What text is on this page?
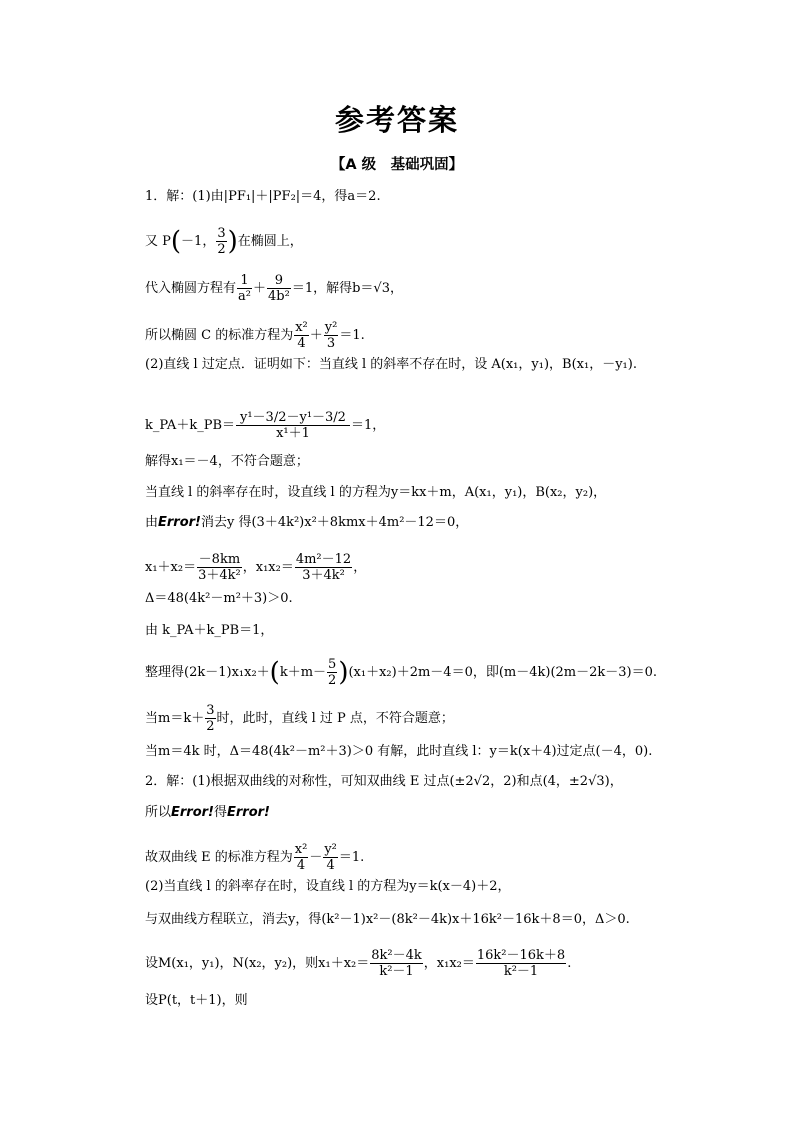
参考答案
【A 级　基础巩固】
1．解：(1)由|PF₁|＋|PF₂|＝4，得a＝2.
又 P(－1， $\frac{3}{2}$ )在椭圆上，
代入椭圆方程有 $\frac{1}{\text{a²}} + \frac{9}{\text{4b²}} =1$，解得b＝√3，
所以椭圆 C 的标准方程为 $\frac{\text{x²}}{4} + \frac{\text{y²}}{3} =1$.
(2)直线 l 过定点．证明如下：当直线 l 的斜率不存在时，设 A(x₁，y₁)，B(x₁，－y₁).
k_PA＋k_PB＝ $\frac{\text{y¹－3/2－y¹－3/2}}{\text{x¹＋1}} =1$，
解得x₁＝－4，不符合题意；
当直线 l 的斜率存在时，设直线 l 的方程为y＝kx＋m，A(x₁，y₁)，B(x₂，y₂)，
由Error!消去y 得(3＋4k²)x²＋8kmx＋4m²－12＝0，
$x_1+x_2= \frac{-8km}{\text{3＋4k²}}$ ，$x_1x_2= \frac{\text{4m²－12}}{\text{3＋4k²}}$ ，
Δ＝48(4k²－m²＋3)＞0.
由 k_PA＋k_PB＝1，
整理得$(2k-1)x_1x_2+(k+m- \frac{5}{2} )(x_1+x_2)+2m-4=0$，即(m－4k)(2m－2k－3)＝0.
当$m=k+ \frac{3}{2}$ 时，此时，直线 l 过 P 点，不符合题意；
当m＝4k 时，Δ＝48(4k²－m²＋3)＞0 有解，此时直线 l：y＝k(x＋4)过定点(－4，0).
2．解：(1)根据双曲线的对称性，可知双曲线 E 过点(±2√2，2)和点(4，±2√3)，
所以Error!得Error!
故双曲线 E 的标准方程为 $\frac{\text{x²}}{4} - \frac{\text{y²}}{4} =1$.
(2)当直线 l 的斜率存在时，设直线 l 的方程为y＝k(x－4)＋2，
与双曲线方程联立，消去y，得(k²－1)x²－(8k²－4k)x＋16k²－16k＋8＝0，Δ＞0.
设M(x₁，y₁)，N(x₂，y₂)，则$x_1+x_2= \frac{\text{8k²－4k}}{\text{k²－1}}$ ，$x_1x_2= \frac{\text{16k²－16k＋8}}{\text{k²－1}}$ .
设P(t，t＋1)，则
